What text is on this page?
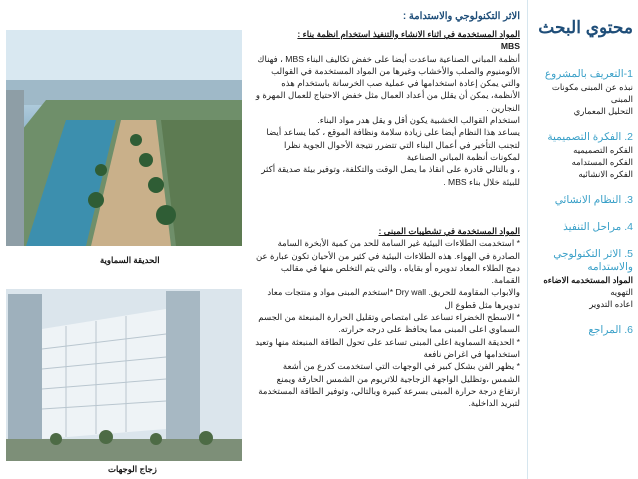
الحديقة السماوية
زجاج الوجهات
الاثر التكنولوجي والاستدامة :
المواد المستخدمة في اثناء الانشاء والتنفيذ استخدام انظمة بناء :
MBS
أنظمة المباني الصناعية ساعدت أيضا على خفض تكاليف البناء MBS ، فهناك الألومنيوم والصلب والأخشاب وغيرها من المواد المستخدمة في القوالب والتي يمكن إعادة استخدامها في عملية صب الخرسانة باستخدام هذه الأنظمة، يمكن أن يقلل من أعداد العمال مثل خفض الاحتياج للعمال المهرة و النجارين .
استخدام القوالب الخشبية يكون أقل و يقل هدر مواد البناء.
يساعد هذا النظام أيضا على زيادة سلامة ونظافة الموقع ، كما يساعد أيضا لتجنب التأخير في أعمال البناء التي تتضرر نتيجة الأحوال الجوية نظرا لمكونات أنظمة المباني الصناعية
، و بالتالي قادرة على انقاذ ما يصل الوقت والتكلفة، وتوفير بيئة صديقة أكثر للبيئة خلال بناء MBS .
المواد المستخدمة في تشطيبات المبنى :
* استخدمت الطلاءات البيئية غير السامة للحد من كمية الأبخرة السامة الصادرة في الهواء. هذه الطلاءات البيئية في كثير من الأحيان تكون عبارة عن دمج الطلاء المعاد تدويره أو بقاياه ، والتي يتم التخلص منها في مقالب القمامة.
والابواب المقاومة للحريق. Dry wall *استخدم المبنى مواد و منتجات معاد تدويرها مثل قطوع ال
* الاسطح الخضراء تساعد على امتصاص وتقليل الحرارة المنبعثة من الجسم السماوي اعلى المبنى مما يحافظ على درجه حرارته.
* الحديقة السماوية اعلى المبنى تساعد على تحول الطاقة المنبعثة منها وتعيد استخدامها في اغراض نافعة
* يظهر الفن بشكل كبير في الوجهات التي استخدمت كدرع من أشعة الشمس ،وتظليل الواجهة الزجاجية للاتريوم من الشمس الحارقة ويمنع ارتفاع درجة حرارة المبنى بسرعة كبيرة وبالتالي، وتوفير الطاقة المستخدمة لتبريد الداخلية.
محتوي البحث
1-التعريف بالمشروع
نبذه عن المبنى مكونات المبنى
التحليل المعماري
2. الفكرة التصميمية
الفكره التصميميه
الفكره المستدامه
الفكره الانشائيه
3. النظام الانشائي
4. مراحل التنفيذ
5. الاثر التكنولوجي والاستدامه
المواد المستخدمه الاضاءه
التهويه
اعاده التدوير
6. المراجع
